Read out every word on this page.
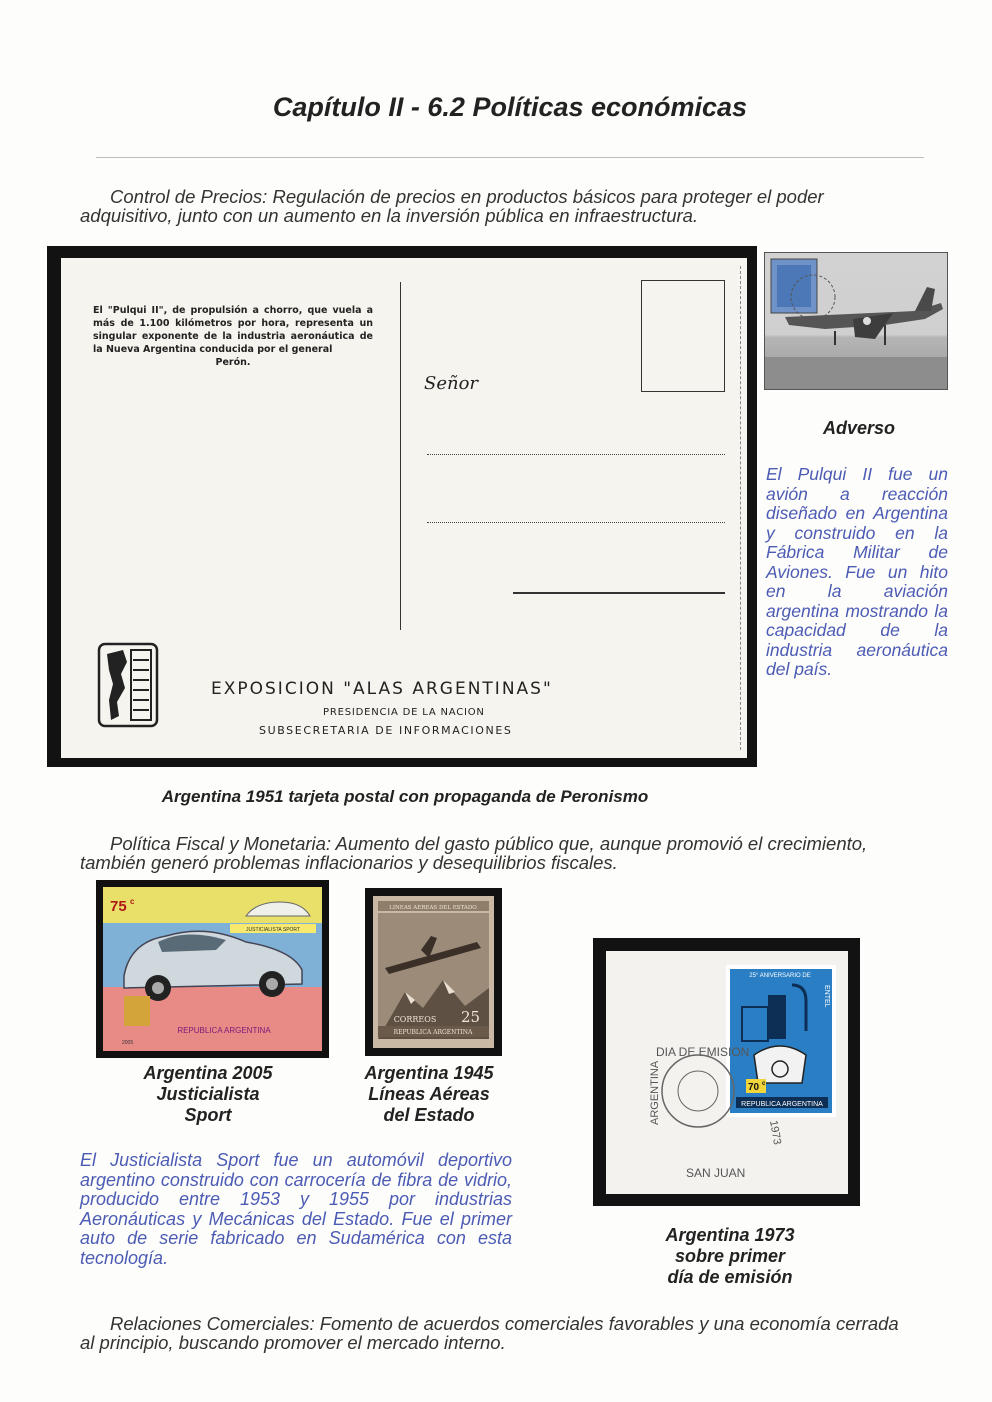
Capítulo II - 6.2 Políticas económicas
Control de Precios: Regulación de precios en productos básicos para proteger el poder
adquisitivo, junto con un aumento en la inversión pública en infraestructura.
El "Pulqui II", de propulsión a chorro, que vuela a más de 1.100 kilómetros por hora, representa un singular exponente de la industria aeronáutica de la Nueva Argentina conducida por el general
Perón.
Señor
EXPOSICION "ALAS ARGENTINAS"
PRESIDENCIA DE LA NACION
SUBSECRETARIA DE INFORMACIONES
Argentina 1951 tarjeta postal con propaganda de Peronismo
Adverso
El Pulqui II fue un avión a reacción diseñado en Argentina y construido en la Fábrica Militar de Aviones. Fue un hito en la aviación argentina mostrando la capacidad de la industria aeronáutica del país.
Política Fiscal y Monetaria: Aumento del gasto público que, aunque promovió el crecimiento,
también generó problemas inflacionarios y desequilibrios fiscales.
75 c
JUSTICIALISTA SPORT
REPUBLICA ARGENTINA
2005
Argentina 2005
Justicialista
Sport
LINEAS AEREAS DEL ESTADO
CORREOS 25
REPUBLICA ARGENTINA
Argentina 1945
Líneas Aéreas
del Estado
El Justicialista Sport fue un automóvil deportivo argentino construido con carrocería de fibra de vidrio, producido entre 1953 y 1955 por industrias Aeronáuticas y Mecánicas del Estado. Fue el primer auto de serie fabricado en Sudamérica con esta tecnología.
25° ANIVERSARIO DE
ENTEL
70 c
REPUBLICA ARGENTINA
DIA DE EMISION
ARGENTINA
1973
SAN JUAN
Argentina 1973
sobre primer
día de emisión
Relaciones Comerciales: Fomento de acuerdos comerciales favorables y una economía cerrada
al principio, buscando promover el mercado interno.
